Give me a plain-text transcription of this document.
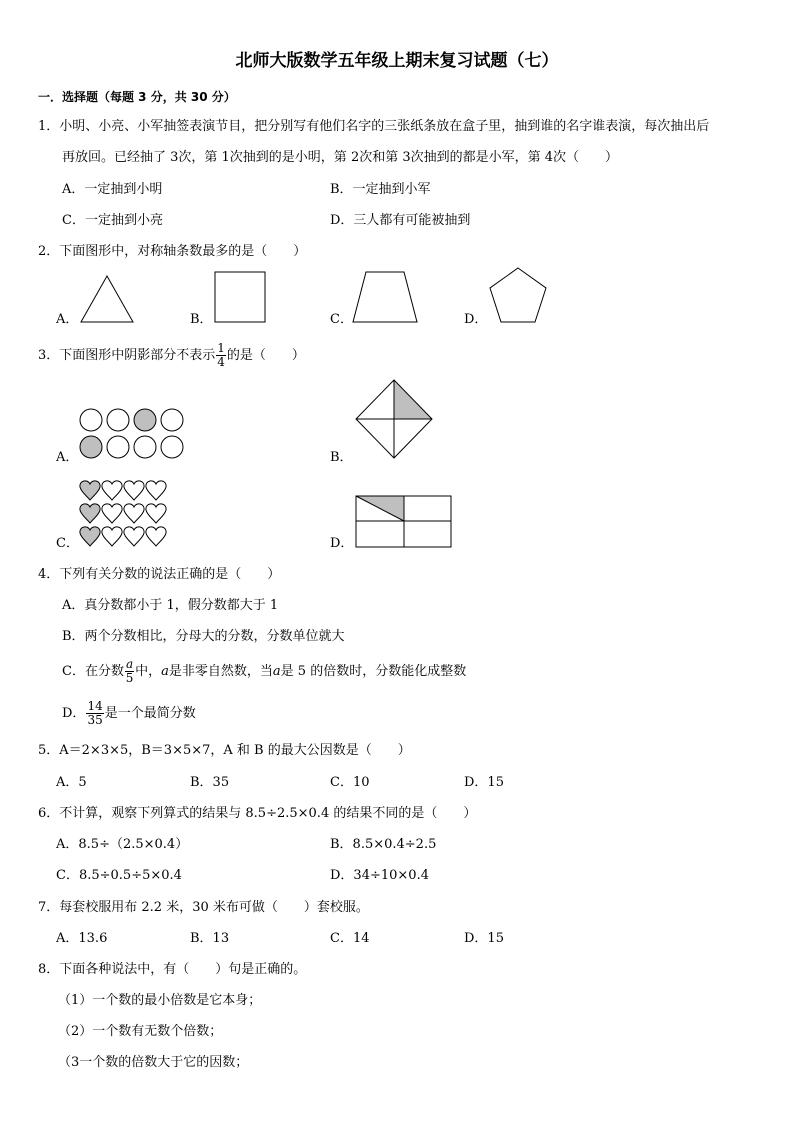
北师大版数学五年级上期末复习试题（七）
一．选择题（每题 3 分，共 30 分）
1．小明、小亮、小军抽签表演节目，把分别写有他们名字的三张纸条放在盒子里，抽到谁的名字谁表演，每次抽出后
再放回。已经抽了 3次，第 1次抽到的是小明，第 2次和第 3次抽到的都是小军，第 4次（　　）
A．一定抽到小明	B．一定抽到小军
C．一定抽到小亮	D．三人都有可能被抽到
2．下面图形中，对称轴条数最多的是（　　）
A．	B．	C．	D．
3．下面图形中阴影部分不表示 $\frac{1}{4}$ 的是（　　）
A．	B．
C．	D．
4．下列有关分数的说法正确的是（　　）
A．真分数都小于 1，假分数都大于 1
B．两个分数相比，分母大的分数，分数单位就大
C．在分数 $\frac{a}{5}$ 中，a是非零自然数，当a是 5 的倍数时，分数能化成整数
D． $\frac{14}{35}$ 是一个最简分数
5．A＝2×3×5，B＝3×5×7，A 和 B 的最大公因数是（　　）
A．5	B．35	C．10	D．15
6．不计算，观察下列算式的结果与 8.5÷2.5×0.4 的结果不同的是（　　）
A．8.5÷（2.5×0.4）	B．8.5×0.4÷2.5
C．8.5÷0.5÷5×0.4	D．34÷10×0.4
7．每套校服用布 2.2 米，30 米布可做（　　）套校服。
A．13.6	B．13	C．14	D．15
8．下面各种说法中，有（　　）句是正确的。
（1）一个数的最小倍数是它本身；
（2）一个数有无数个倍数；
（3一个数的倍数大于它的因数；
